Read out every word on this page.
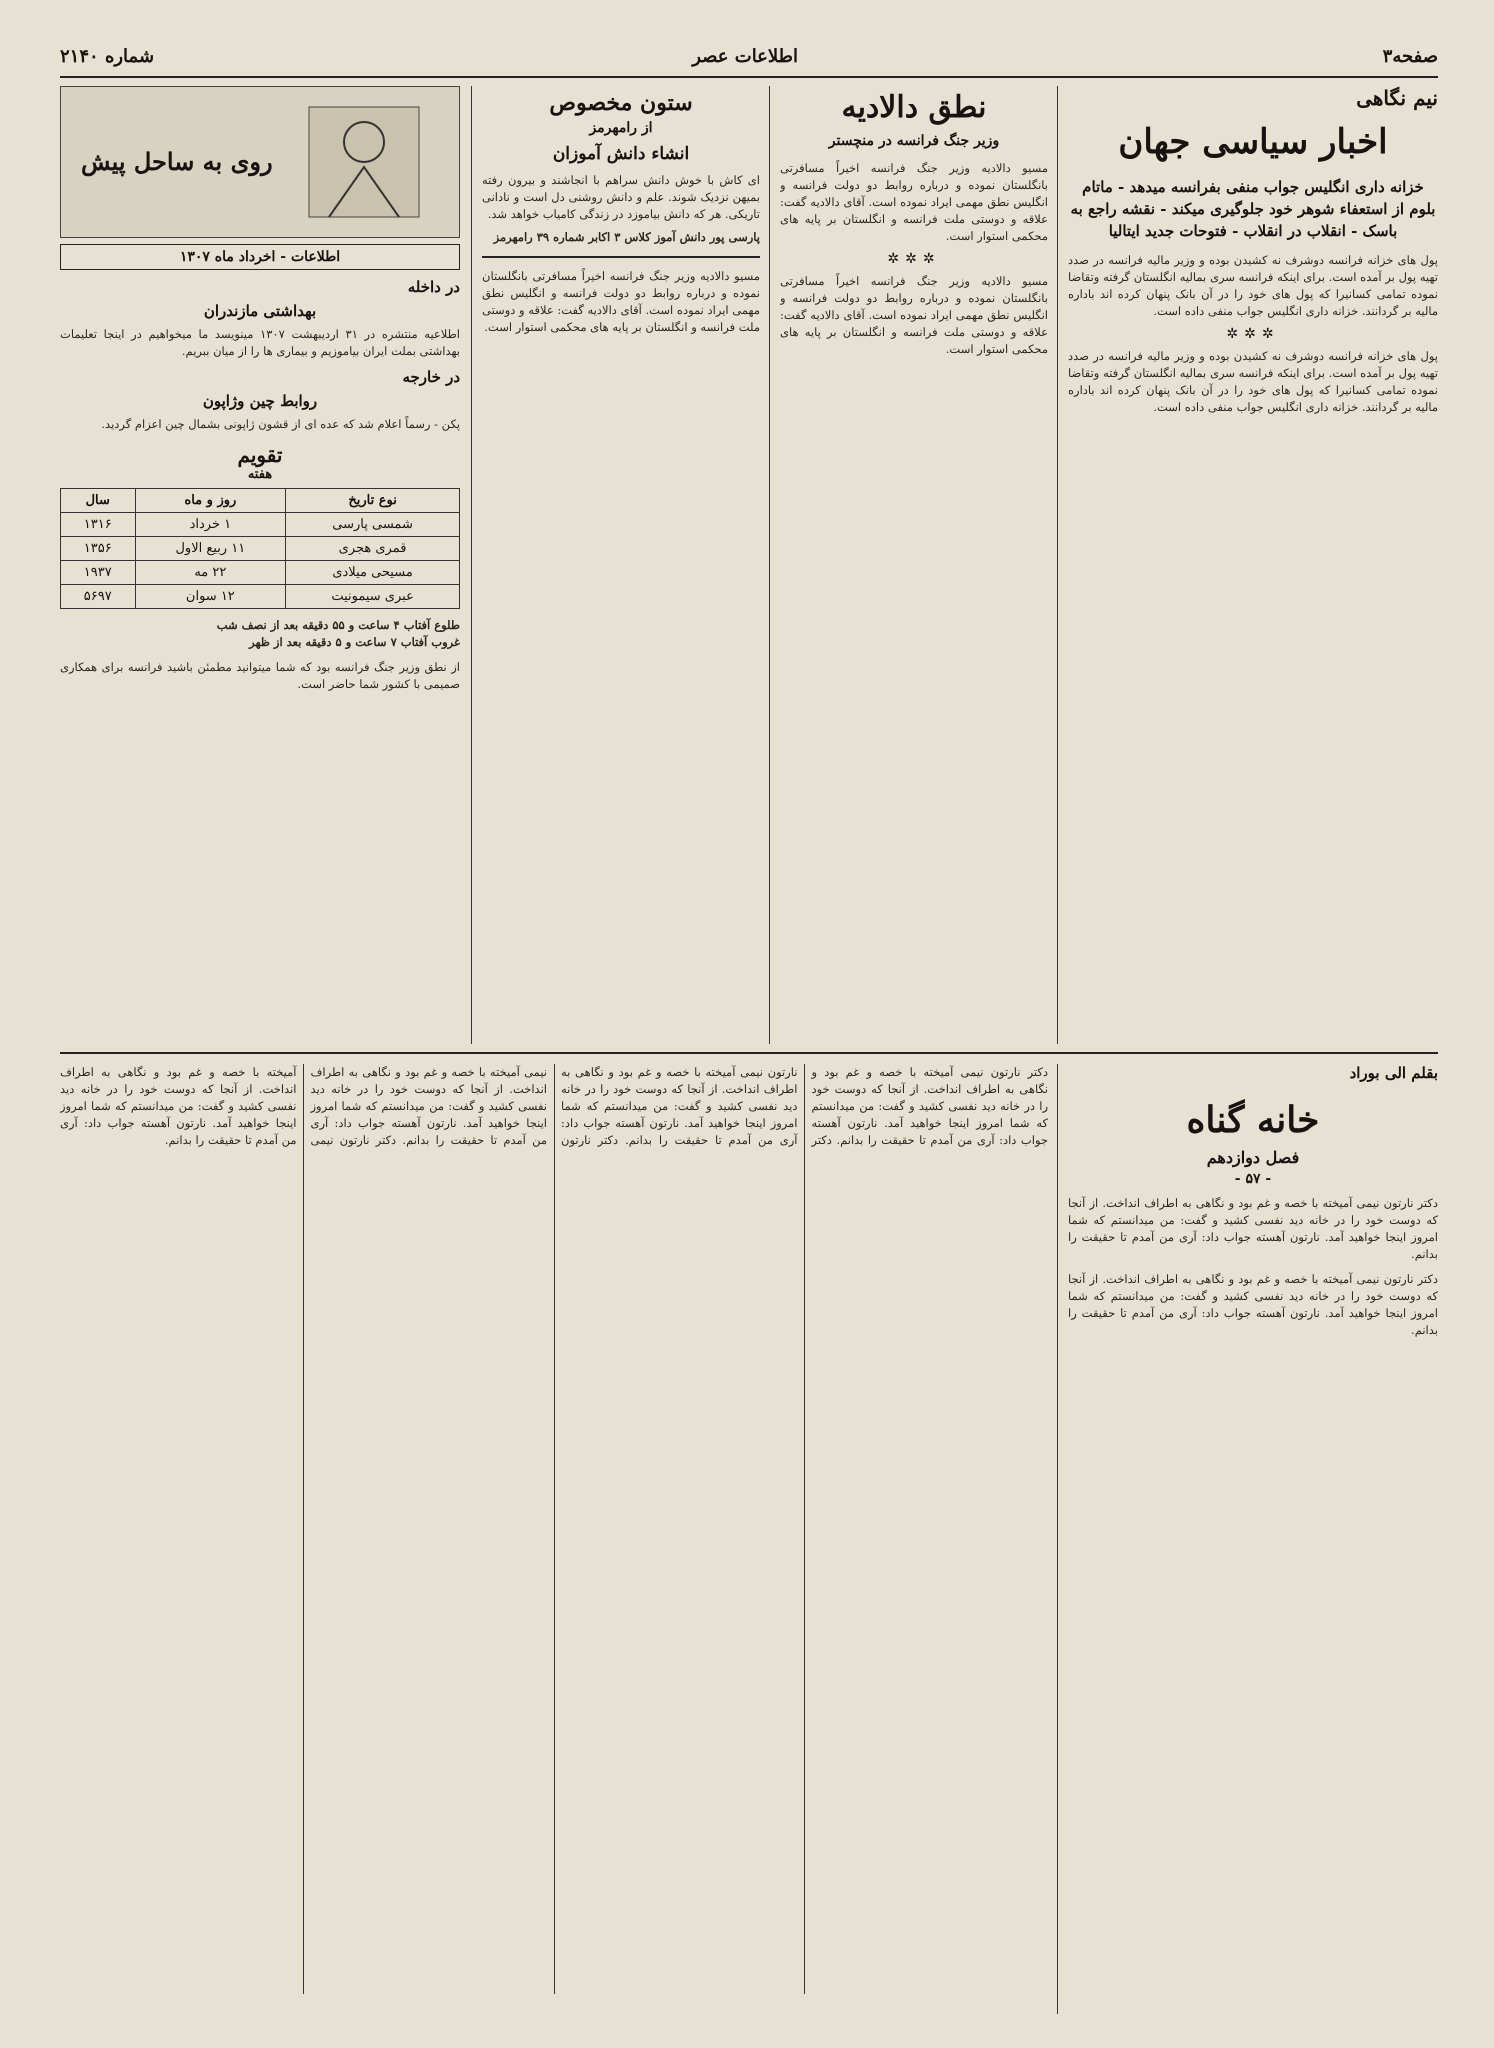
صفحه۳
اطلاعات عصر
شماره ۲۱۴۰
نیم نگاهی
اخبار سیاسی جهان
خزانه داری انگلیس جواب منفی بفرانسه میدهد - ماتام بلوم از استعفاء شوهر خود جلوگیری میکند - نقشه راجع به باسک - انقلاب در انقلاب - فتوحات جدید ایتالیا
پول های خزانه فرانسه دوشرف نه کشیدن بوده و وزیر مالیه فرانسه در صدد تهیه پول بر آمده است. برای اینکه فرانسه سری بمالیه انگلستان گرفته وتقاضا نموده تمامی کسانیرا که پول های خود را در آن بانک پنهان کرده اند باداره مالیه بر گردانند. خزانه داری انگلیس جواب منفی داده است.
✲✲✲
پول های خزانه فرانسه دوشرف نه کشیدن بوده و وزیر مالیه فرانسه در صدد تهیه پول بر آمده است. برای اینکه فرانسه سری بمالیه انگلستان گرفته وتقاضا نموده تمامی کسانیرا که پول های خود را در آن بانک پنهان کرده اند باداره مالیه بر گردانند. خزانه داری انگلیس جواب منفی داده است.
نطق دالادیه
وزیر جنگ فرانسه در منچستر
مسیو دالادیه وزیر جنگ فرانسه اخیراً مسافرتی بانگلستان نموده و درباره روابط دو دولت فرانسه و انگلیس نطق مهمی ایراد نموده است. آقای دالادیه گفت: علاقه و دوستی ملت فرانسه و انگلستان بر پایه های محکمی استوار است.
✲✲✲
مسیو دالادیه وزیر جنگ فرانسه اخیراً مسافرتی بانگلستان نموده و درباره روابط دو دولت فرانسه و انگلیس نطق مهمی ایراد نموده است. آقای دالادیه گفت: علاقه و دوستی ملت فرانسه و انگلستان بر پایه های محکمی استوار است.
ستون مخصوص
از رامهرمز
انشاء دانش آموزان
ای کاش با خوش دانش سراهم با انجاشند و بیرون رفته بمیهن نزدیک شوند. علم و دانش روشنی دل است و نادانی تاریکی. هر که دانش بیاموزد در زندگی کامیاب خواهد شد.
پارسی پور دانش آموز کلاس ۳ اکابر شماره ۳۹ رامهرمز
مسیو دالادیه وزیر جنگ فرانسه اخیراً مسافرتی بانگلستان نموده و درباره روابط دو دولت فرانسه و انگلیس نطق مهمی ایراد نموده است. آقای دالادیه گفت: علاقه و دوستی ملت فرانسه و انگلستان بر پایه های محکمی استوار است.
روی به ساحل پیش
اطلاعات - اخرداد ماه ۱۳۰۷
در داخله
بهداشتی مازندران
اطلاعیه منتشره در ۳۱ اردیبهشت ۱۳۰۷ مینویسد ما میخواهیم در اینجا تعلیمات بهداشتی بملت ایران بیاموزیم و بیماری ها را از میان ببریم.
در خارجه
روابط چین وژاپون
پکن - رسماً اعلام شد که عده ای از قشون ژاپونی بشمال چین اعزام گردید.
تقویم
هفته
نوع تاریخ	روز و ماه	سال
شمسی پارسی	۱ خرداد	۱۳۱۶
قمری هجری	۱۱ ربیع الاول	۱۳۵۶
مسیحی میلادی	۲۲ مه	۱۹۳۷
عبری سیمونیت	۱۲ سوان	۵۶۹۷
طلوع آفتاب ۴ ساعت و ۵۵ دقیقه بعد از نصف شب
غروب آفتاب ۷ ساعت و ۵ دقیقه بعد از ظهر
از نطق وزیر جنگ فرانسه بود که شما میتوانید مطمئن باشید فرانسه برای همکاری صمیمی با کشور شما حاضر است.
بقلم الی بوراد
خانه گناه
فصل دوازدهم
- ۵۷ -
دکتر نارتون نیمی آمیخته با خصه و غم بود و نگاهی به اطراف انداخت. از آنجا که دوست خود را در خانه دید نفسی کشید و گفت: من میدانستم که شما امروز اینجا خواهید آمد. نارتون آهسته جواب داد: آری من آمدم تا حقیقت را بدانم.
دکتر نارتون نیمی آمیخته با خصه و غم بود و نگاهی به اطراف انداخت. از آنجا که دوست خود را در خانه دید نفسی کشید و گفت: من میدانستم که شما امروز اینجا خواهید آمد. نارتون آهسته جواب داد: آری من آمدم تا حقیقت را بدانم.
دکتر نارتون نیمی آمیخته با خصه و غم بود و نگاهی به اطراف انداخت. از آنجا که دوست خود را در خانه دید نفسی کشید و گفت: من میدانستم که شما امروز اینجا خواهید آمد. نارتون آهسته جواب داد: آری من آمدم تا حقیقت را بدانم. دکتر نارتون نیمی آمیخته با خصه و غم بود و نگاهی به اطراف انداخت. از آنجا که دوست خود را در خانه دید نفسی کشید و گفت: من میدانستم که شما امروز اینجا خواهید آمد. نارتون آهسته جواب داد: آری من آمدم تا حقیقت را بدانم. دکتر نارتون نیمی آمیخته با خصه و غم بود و نگاهی به اطراف انداخت. از آنجا که دوست خود را در خانه دید نفسی کشید و گفت: من میدانستم که شما امروز اینجا خواهید آمد. نارتون آهسته جواب داد: آری من آمدم تا حقیقت را بدانم. دکتر نارتون نیمی آمیخته با خصه و غم بود و نگاهی به اطراف انداخت. از آنجا که دوست خود را در خانه دید نفسی کشید و گفت: من میدانستم که شما امروز اینجا خواهید آمد. نارتون آهسته جواب داد: آری من آمدم تا حقیقت را بدانم.
